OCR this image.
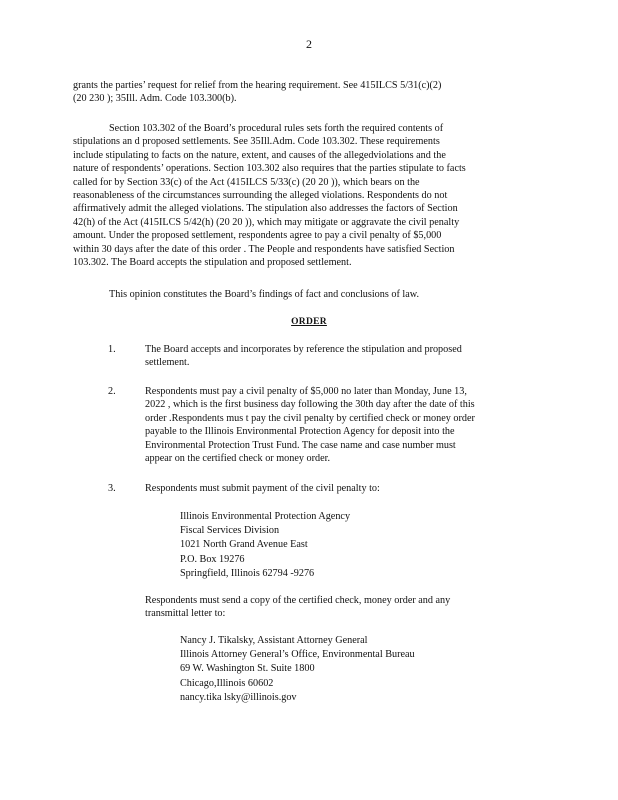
2
grants the parties’ request for relief from the hearing requirement. See 415ILCS 5/31(c)(2)
(20 230 ); 35Ill. Adm. Code 103.300(b).
Section 103.302 of the Board’s procedural rules sets forth the required contents of
stipulations an d proposed settlements. See 35Ill.Adm. Code 103.302. These requirements
include stipulating to facts on the nature, extent, and causes of the allegedviolations and the
nature of respondents’ operations. Section 103.302 also requires that the parties stipulate to facts
called for by Section 33(c) of the Act (415ILCS 5/33(c) (20 20 )), which bears on the
reasonableness of the circumstances surrounding the alleged violations. Respondents do not
affirmatively admit the alleged violations. The stipulation also addresses the factors of Section
42(h) of the Act (415ILCS 5/42(h) (20 20 )), which may mitigate or aggravate the civil penalty
amount. Under the proposed settlement, respondents agree to pay a civil penalty of $5,000
within 30 days after the date of this order . The People and respondents have satisfied Section
103.302. The Board accepts the stipulation and proposed settlement.
This opinion constitutes the Board’s findings of fact and conclusions of law.
ORDER
1.	The Board accepts and incorporates by reference the stipulation and proposed
settlement.
2.	Respondents must pay a civil penalty of $5,000 no later than Monday, June 13,
2022 , which is the first business day following the 30th day after the date of this
order .Respondents mus t pay the civil penalty by certified check or money order
payable to the Illinois Environmental Protection Agency for deposit into the
Environmental Protection Trust Fund. The case name and case number must
appear on the certified check or money order.
3.	Respondents must submit payment of the civil penalty to:
Illinois Environmental Protection Agency
Fiscal Services Division
1021 North Grand Avenue East
P.O. Box 19276
Springfield, Illinois 62794 -9276
Respondents must send a copy of the certified check, money order and any
transmittal letter to:
Nancy J. Tikalsky, Assistant Attorney General
Illinois Attorney General’s Office, Environmental Bureau
69 W. Washington St. Suite 1800
Chicago,Illinois 60602
nancy.tika lsky@illinois.gov
